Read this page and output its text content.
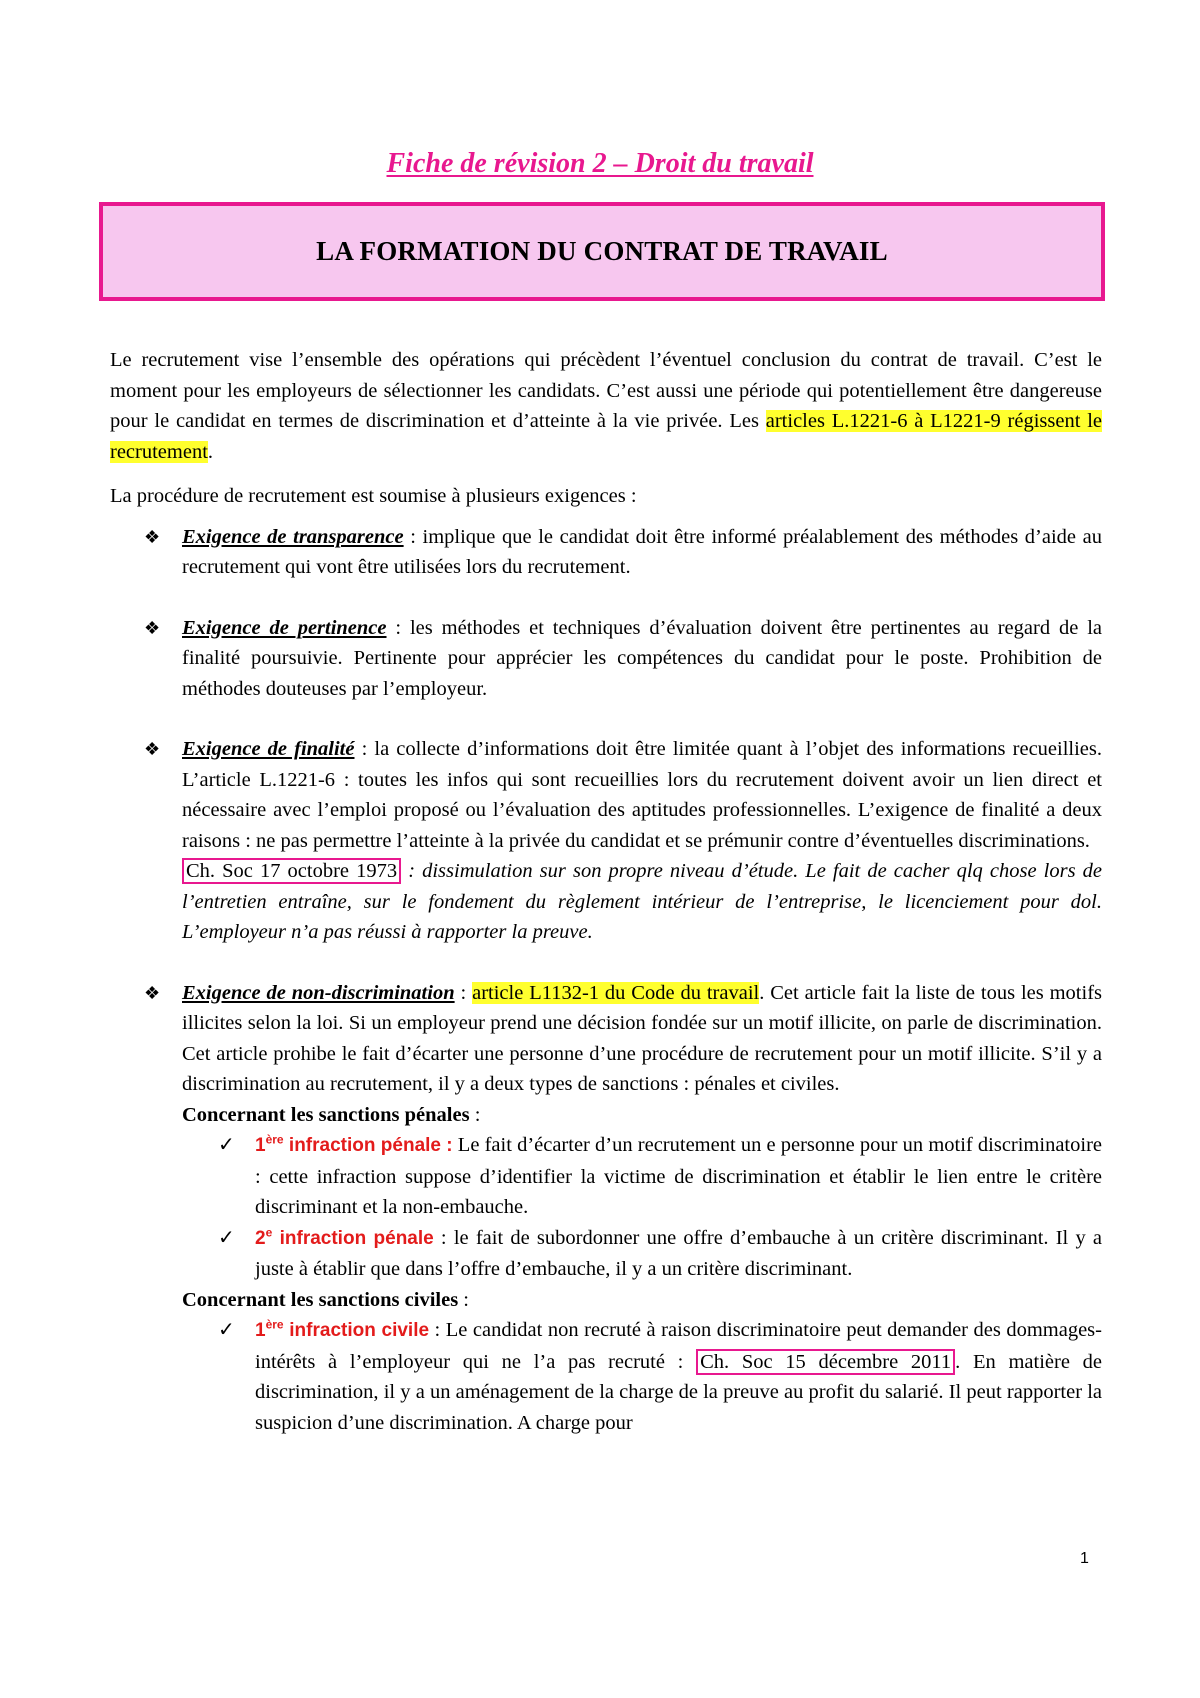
Fiche de révision 2 – Droit du travail
LA FORMATION DU CONTRAT DE TRAVAIL

Le recrutement vise l’ensemble des opérations qui précèdent l’éventuel conclusion du contrat de travail. C’est le moment pour les employeurs de sélectionner les candidats. C’est aussi une période qui potentiellement être dangereuse pour le candidat en termes de discrimination et d’atteinte à la vie privée. Les articles L.1221-6 à L1221-9 régissent le recrutement.

La procédure de recrutement est soumise à plusieurs exigences :

❖ Exigence de transparence : implique que le candidat doit être informé préalablement des méthodes d’aide au recrutement qui vont être utilisées lors du recrutement.
❖ Exigence de pertinence : les méthodes et techniques d’évaluation doivent être pertinentes au regard de la finalité poursuivie. Pertinente pour apprécier les compétences du candidat pour le poste. Prohibition de méthodes douteuses par l’employeur.
❖ Exigence de finalité : la collecte d’informations doit être limitée quant à l’objet des informations recueillies. L’article L.1221-6 : toutes les infos qui sont recueillies lors du recrutement doivent avoir un lien direct et nécessaire avec l’emploi proposé ou l’évaluation des aptitudes professionnelles. L’exigence de finalité a deux raisons : ne pas permettre l’atteinte à la privée du candidat et se prémunir contre d’éventuelles discriminations.
Ch. Soc 17 octobre 1973 : dissimulation sur son propre niveau d’étude. Le fait de cacher qlq chose lors de l’entretien entraîne, sur le fondement du règlement intérieur de l’entreprise, le licenciement pour dol. L’employeur n’a pas réussi à rapporter la preuve.
❖ Exigence de non-discrimination : article L1132-1 du Code du travail. Cet article fait la liste de tous les motifs illicites selon la loi. Si un employeur prend une décision fondée sur un motif illicite, on parle de discrimination. Cet article prohibe le fait d’écarter une personne d’une procédure de recrutement pour un motif illicite. S’il y a discrimination au recrutement, il y a deux types de sanctions : pénales et civiles.
Concernant les sanctions pénales :
✓ 1ère infraction pénale : Le fait d’écarter d’un recrutement un e personne pour un motif discriminatoire : cette infraction suppose d’identifier la victime de discrimination et établir le lien entre le critère discriminant et la non-embauche.
✓ 2e infraction pénale : le fait de subordonner une offre d’embauche à un critère discriminant. Il y a juste à établir que dans l’offre d’embauche, il y a un critère discriminant.
Concernant les sanctions civiles :
✓ 1ère infraction civile : Le candidat non recruté à raison discriminatoire peut demander des dommages-intérêts à l’employeur qui ne l’a pas recruté : Ch. Soc 15 décembre 2011 . En matière de discrimination, il y a un aménagement de la charge de la preuve au profit du salarié. Il peut rapporter la suspicion d’une discrimination. A charge pour
1
